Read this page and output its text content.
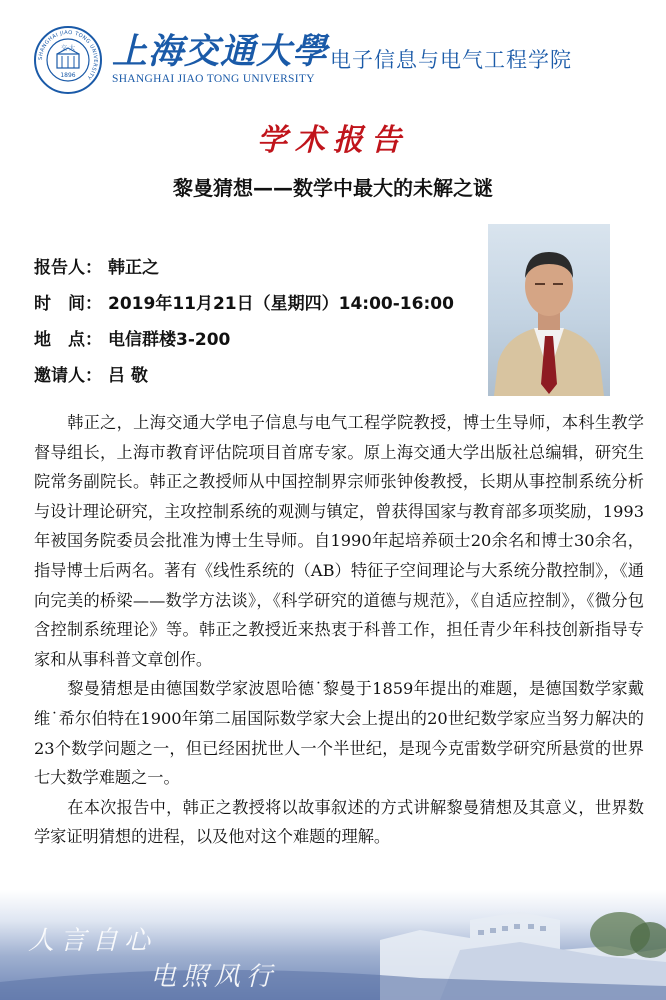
SHANGHAI JIAO TONG UNIVERSITY
交 大
1896
上海交通大學
SHANGHAI JIAO TONG UNIVERSITY
电子信息与电气工程学院
学术报告
黎曼猜想——数学中最大的未解之谜
报告人： 韩正之
时　间： 2019年11月21日（星期四）14:00-16:00
地　点： 电信群楼3-200
邀请人： 吕 敬

韩正之，上海交通大学电子信息与电气工程学院教授，博士生导师，本科生教学督导组长，上海市教育评估院项目首席专家。原上海交通大学出版社总编辑，研究生院常务副院长。韩正之教授师从中国控制界宗师张钟俊教授，长期从事控制系统分析与设计理论研究，主攻控制系统的观测与镇定，曾获得国家与教育部多项奖励，1993年被国务院委员会批准为博士生导师。自1990年起培养硕士20余名和博士30余名，指导博士后两名。著有《线性系统的（AB）特征子空间理论与大系统分散控制》，《通向完美的桥梁——数学方法谈》，《科学研究的道德与规范》，《自适应控制》，《微分包含控制系统理论》等。韩正之教授近来热衷于科普工作，担任青少年科技创新指导专家和从事科普文章创作。

黎曼猜想是由德国数学家波恩哈德˙黎曼于1859年提出的难题，是德国数学家戴维˙希尔伯特在1900年第二届国际数学家大会上提出的20世纪数学家应当努力解决的23个数学问题之一，但已经困扰世人一个半世纪，是现今克雷数学研究所悬赏的世界七大数学难题之一。

在本次报告中，韩正之教授将以故事叙述的方式讲解黎曼猜想及其意义，世界数学家证明猜想的进程，以及他对这个难题的理解。

人言自心
电照风行
